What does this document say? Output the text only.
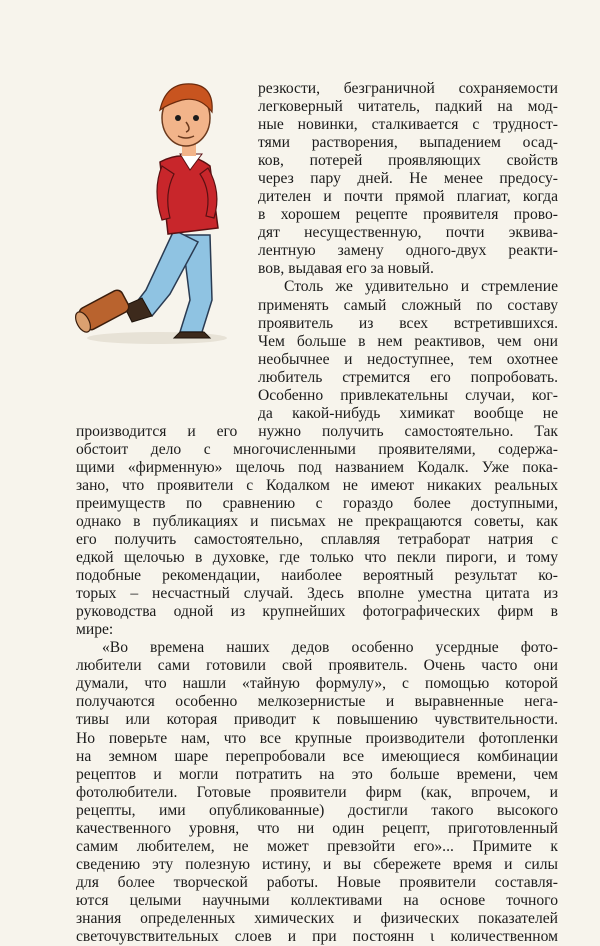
резкости, безграничной сохраняемости
легковерный читатель, падкий на мод-
ные новинки, сталкивается с трудност-
тями растворения, выпадением осад-
ков, потерей проявляющих свойств
через пару дней. Не менее предосу-
дителен и почти прямой плагиат, когда
в хорошем рецепте проявителя прово-
дят несущественную, почти эквива-
лентную замену одного-двух реакти-
вов, выдавая его за новый.
Столь же удивительно и стремление
применять самый сложный по составу
проявитель из всех встретившихся.
Чем больше в нем реактивов, чем они
необычнее и недоступнее, тем охотнее
любитель стремится его попробовать.
Особенно привлекательны случаи, ког-
да какой-нибудь химикат вообще не
производится и его нужно получить самостоятельно. Так
обстоит дело с многочисленными проявителями, содержа-
щими «фирменную» щелочь под названием Кодалк. Уже пока-
зано, что проявители с Кодалком не имеют никаких реальных
преимуществ по сравнению с гораздо более доступными,
однако в публикациях и письмах не прекращаются советы, как
его получить самостоятельно, сплавляя тетраборат натрия с
едкой щелочью в духовке, где только что пекли пироги, и тому
подобные рекомендации, наиболее вероятный результат ко-
торых – несчастный случай. Здесь вполне уместна цитата из
руководства одной из крупнейших фотографических фирм в
мире:
«Во времена наших дедов особенно усердные фото-
любители сами готовили свой проявитель. Очень часто они
думали, что нашли «тайную формулу», с помощью которой
получаются особенно мелкозернистые и выравненные нега-
тивы или которая приводит к повышению чувствительности.
Но поверьте нам, что все крупные производители фотопленки
на земном шаре перепробовали все имеющиеся комбинации
рецептов и могли потратить на это больше времени, чем
фотолюбители. Готовые проявители фирм (как, впрочем, и
рецепты, ими опубликованные) достигли такого высокого
качественного уровня, что ни один рецепт, приготовленный
самим любителем, не может превзойти его»... Примите к
сведению эту полезную истину, и вы сбережете время и силы
для более творческой работы. Новые проявители составля-
ются целыми научными коллективами на основе точного
знания определенных химических и физических показателей
светочувствительных слоев и при постоянн ι количественном
